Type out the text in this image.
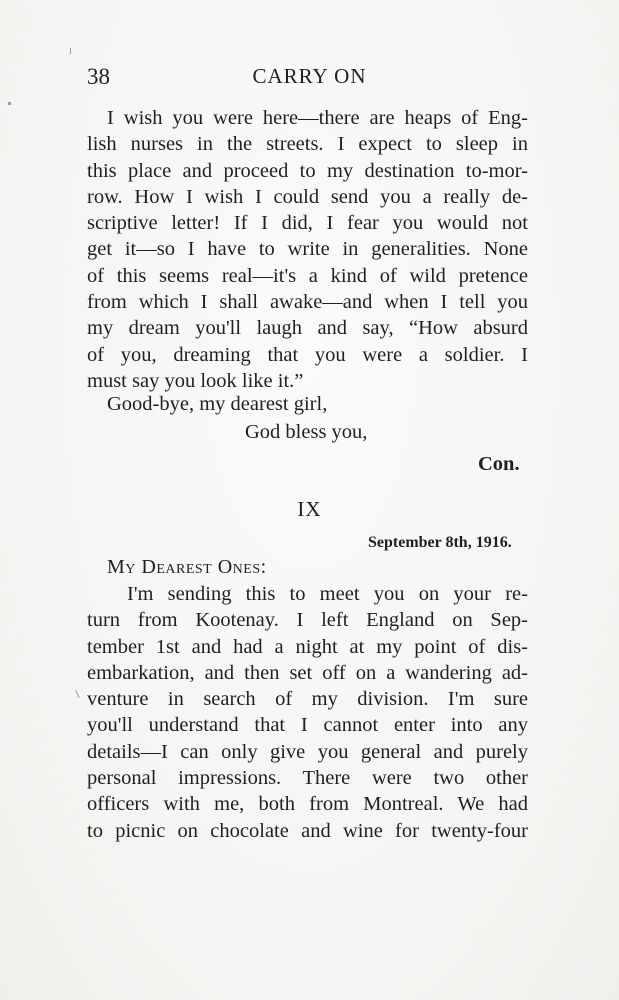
38	CARRY ON
I wish you were here—there are heaps of Eng-
lish nurses in the streets. I expect to sleep in
this place and proceed to my destination to-mor-
row. How I wish I could send you a really de-
scriptive letter! If I did, I fear you would not
get it—so I have to write in generalities. None
of this seems real—it's a kind of wild pretence
from which I shall awake—and when I tell you
my dream you'll laugh and say, “How absurd
of you, dreaming that you were a soldier. I
must say you look like it.”
Good-bye, my dearest girl,
God bless you,
Con.
IX
September 8th, 1916.
My Dearest Ones:
I'm sending this to meet you on your re-
turn from Kootenay. I left England on Sep-
tember 1st and had a night at my point of dis-
embarkation, and then set off on a wandering ad-
venture in search of my division. I'm sure
you'll understand that I cannot enter into any
details—I can only give you general and purely
personal impressions. There were two other
officers with me, both from Montreal. We had
to picnic on chocolate and wine for twenty-four
